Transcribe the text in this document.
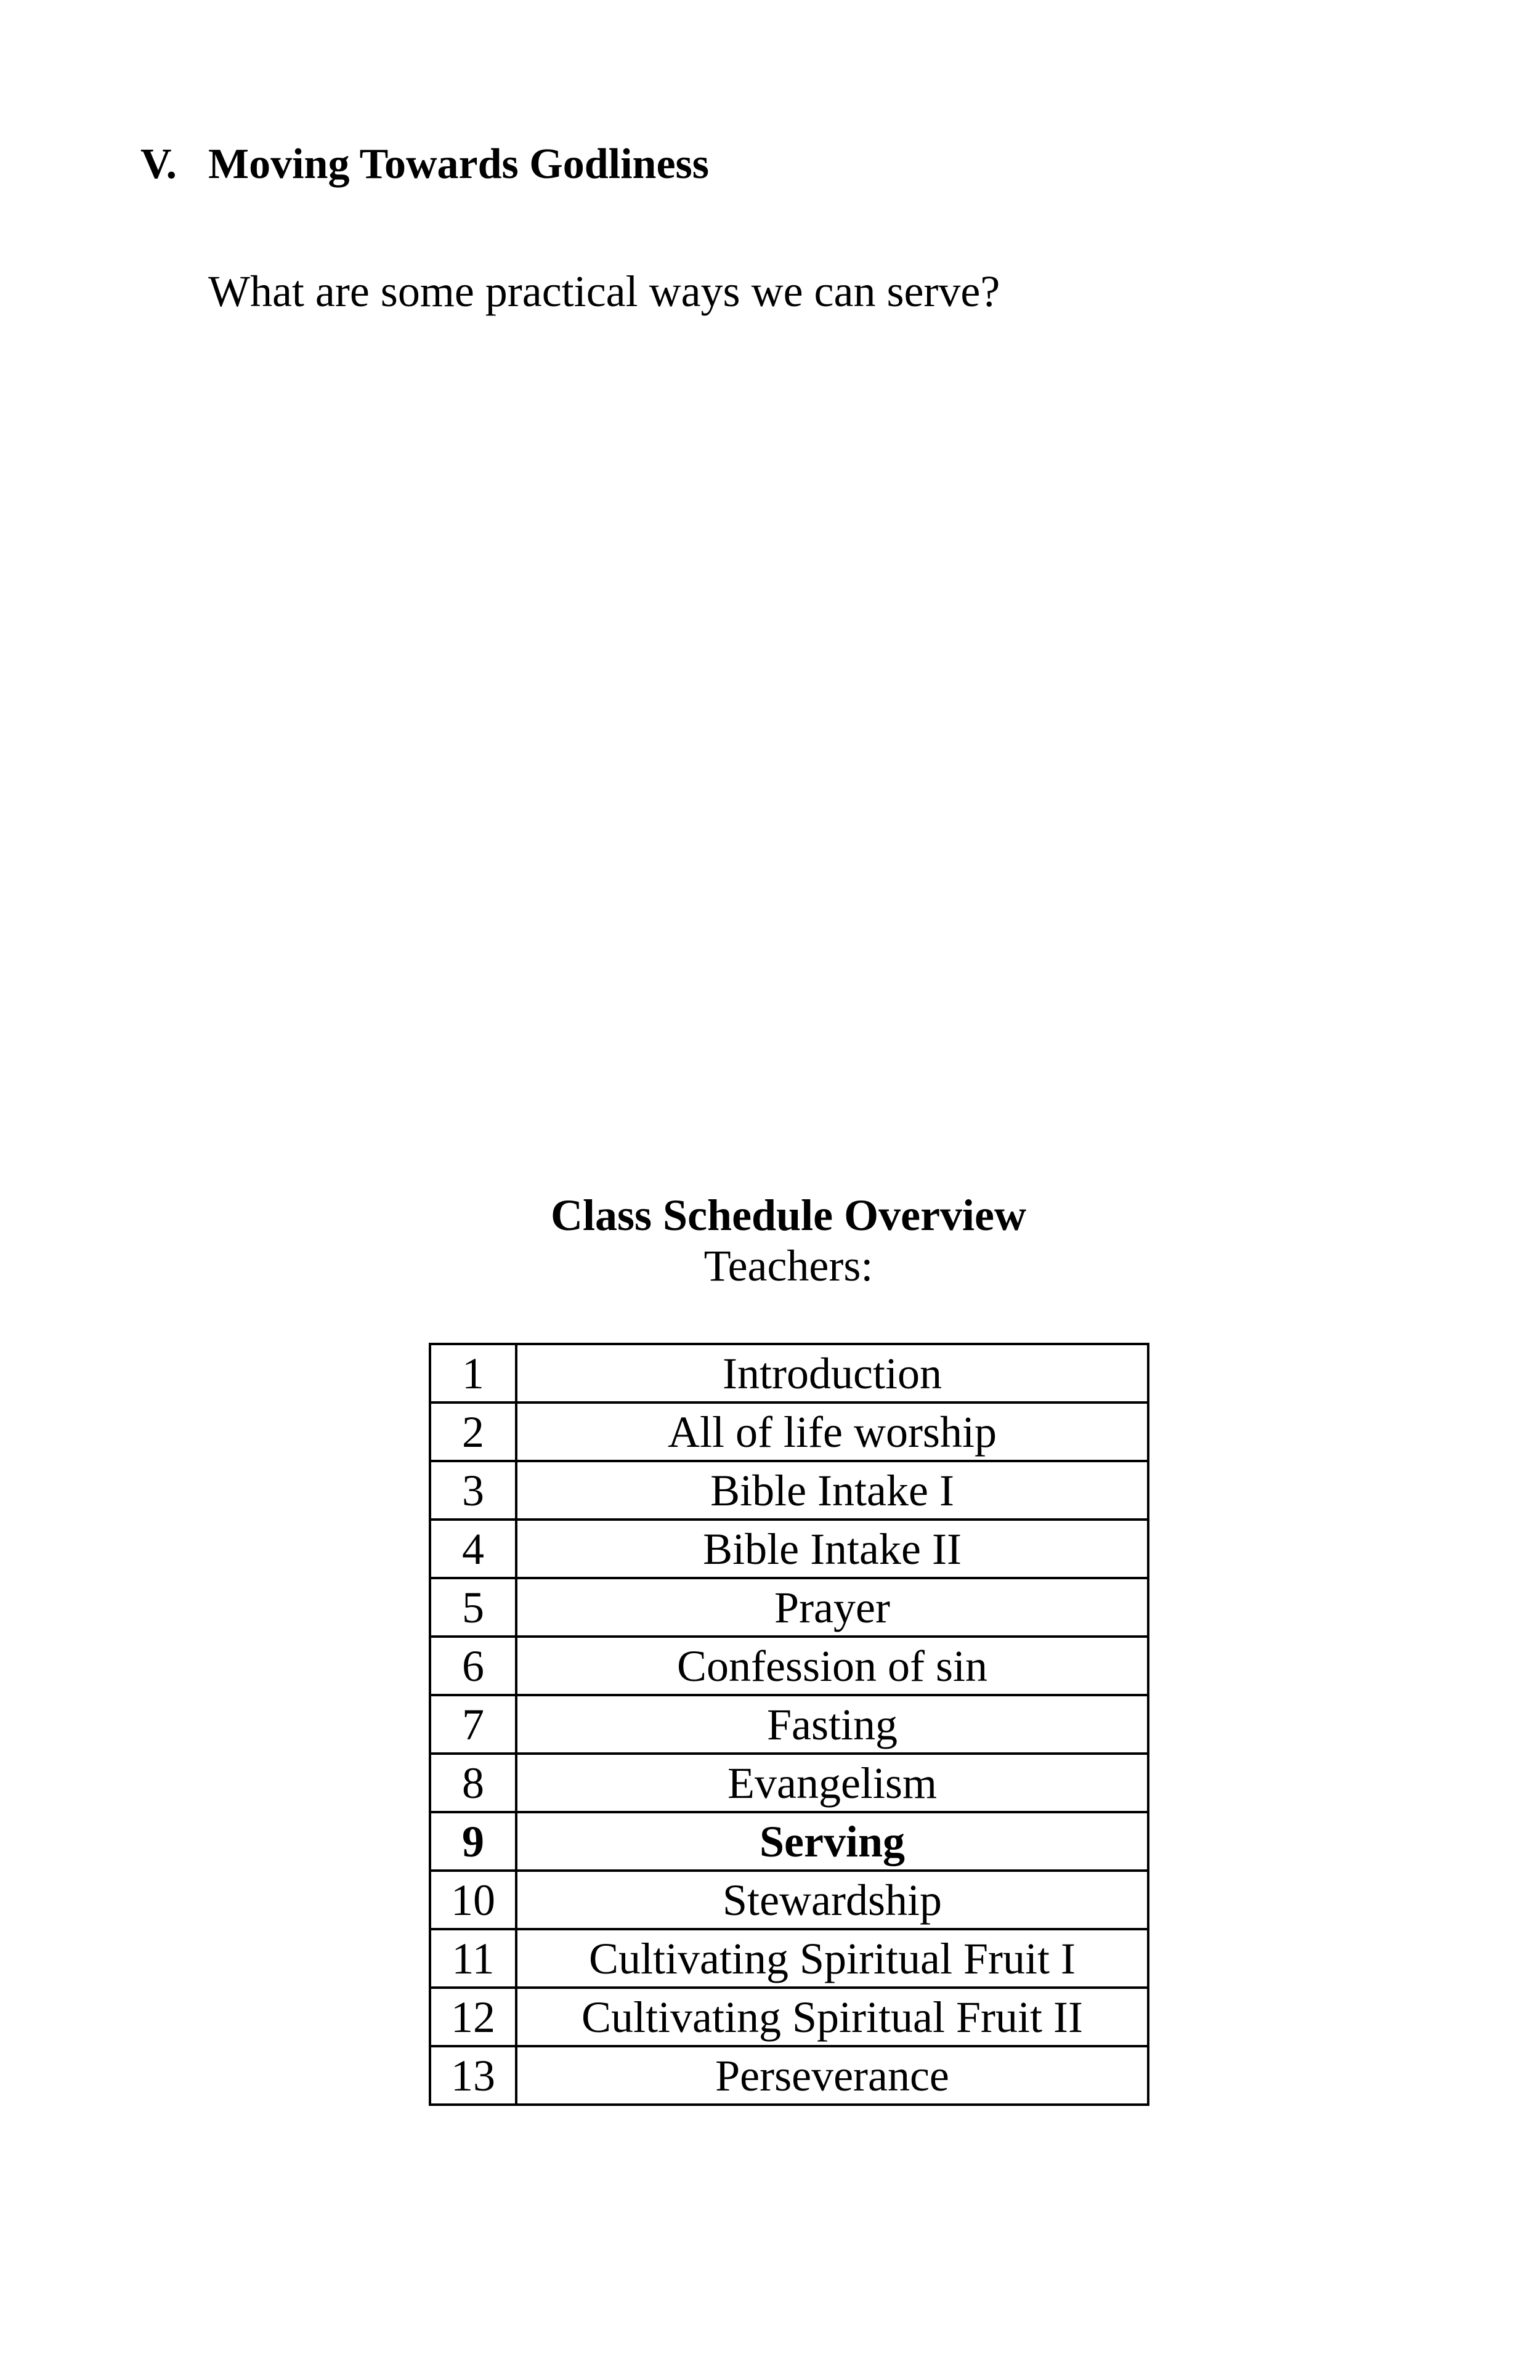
V. Moving Towards Godliness
What are some practical ways we can serve?
Class Schedule Overview
Teachers:
1	Introduction
2	All of life worship
3	Bible Intake I
4	Bible Intake II
5	Prayer
6	Confession of sin
7	Fasting
8	Evangelism
9	Serving
10	Stewardship
11	Cultivating Spiritual Fruit I
12	Cultivating Spiritual Fruit II
13	Perseverance
